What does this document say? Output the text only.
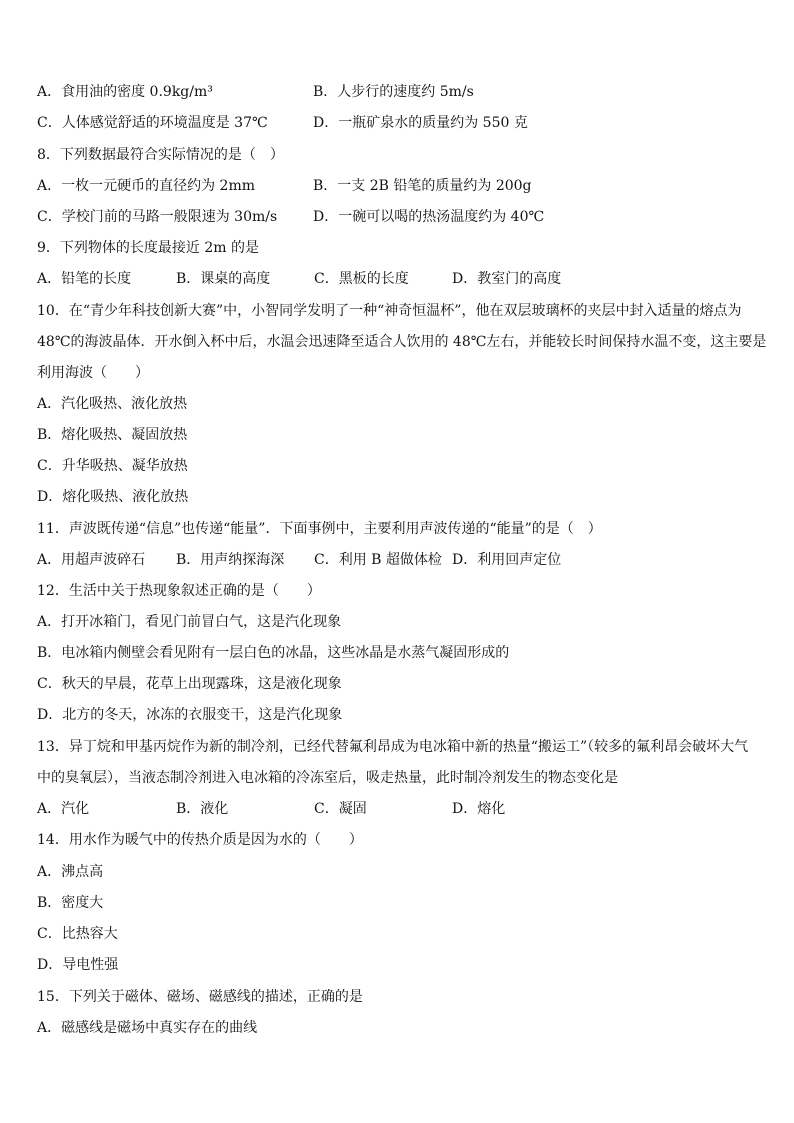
A．食用油的密度 0.9kg/m³	B．人步行的速度约 5m/s
C．人体感觉舒适的环境温度是 37℃	D．一瓶矿泉水的质量约为 550 克
8．下列数据最符合实际情况的是（　）
A．一枚一元硬币的直径约为 2mm	B．一支 2B 铅笔的质量约为 200g
C．学校门前的马路一般限速为 30m/s	D．一碗可以喝的热汤温度约为 40℃
9．下列物体的长度最接近 2m 的是
A．铅笔的长度	B．课桌的高度	C．黑板的长度	D．教室门的高度
10．在“青少年科技创新大赛”中，小智同学发明了一种“神奇恒温杯”，他在双层玻璃杯的夹层中封入适量的熔点为
48℃的海波晶体．开水倒入杯中后，水温会迅速降至适合人饮用的 48℃左右，并能较长时间保持水温不变，这主要是
利用海波（　　）
A．汽化吸热、液化放热
B．熔化吸热、凝固放热
C．升华吸热、凝华放热
D．熔化吸热、液化放热
11．声波既传递“信息”也传递“能量”．下面事例中，主要利用声波传递的“能量”的是（　）
A．用超声波碎石 B．用声纳探海深 C．利用 B 超做体检 D．利用回声定位
12．生活中关于热现象叙述正确的是（　　）
A．打开冰箱门，看见门前冒白气，这是汽化现象
B．电冰箱内侧壁会看见附有一层白色的冰晶，这些冰晶是水蒸气凝固形成的
C．秋天的早晨，花草上出现露珠，这是液化现象
D．北方的冬天，冰冻的衣服变干，这是汽化现象
13．异丁烷和甲基丙烷作为新的制冷剂，已经代替氟利昂成为电冰箱中新的热量“搬运工”（较多的氟利昂会破坏大气
中的臭氧层），当液态制冷剂进入电冰箱的冷冻室后，吸走热量，此时制冷剂发生的物态变化是
A．汽化	B．液化	C．凝固	D．熔化
14．用水作为暖气中的传热介质是因为水的（　　）
A．沸点高
B．密度大
C．比热容大
D．导电性强
15．下列关于磁体、磁场、磁感线的描述，正确的是
A．磁感线是磁场中真实存在的曲线
